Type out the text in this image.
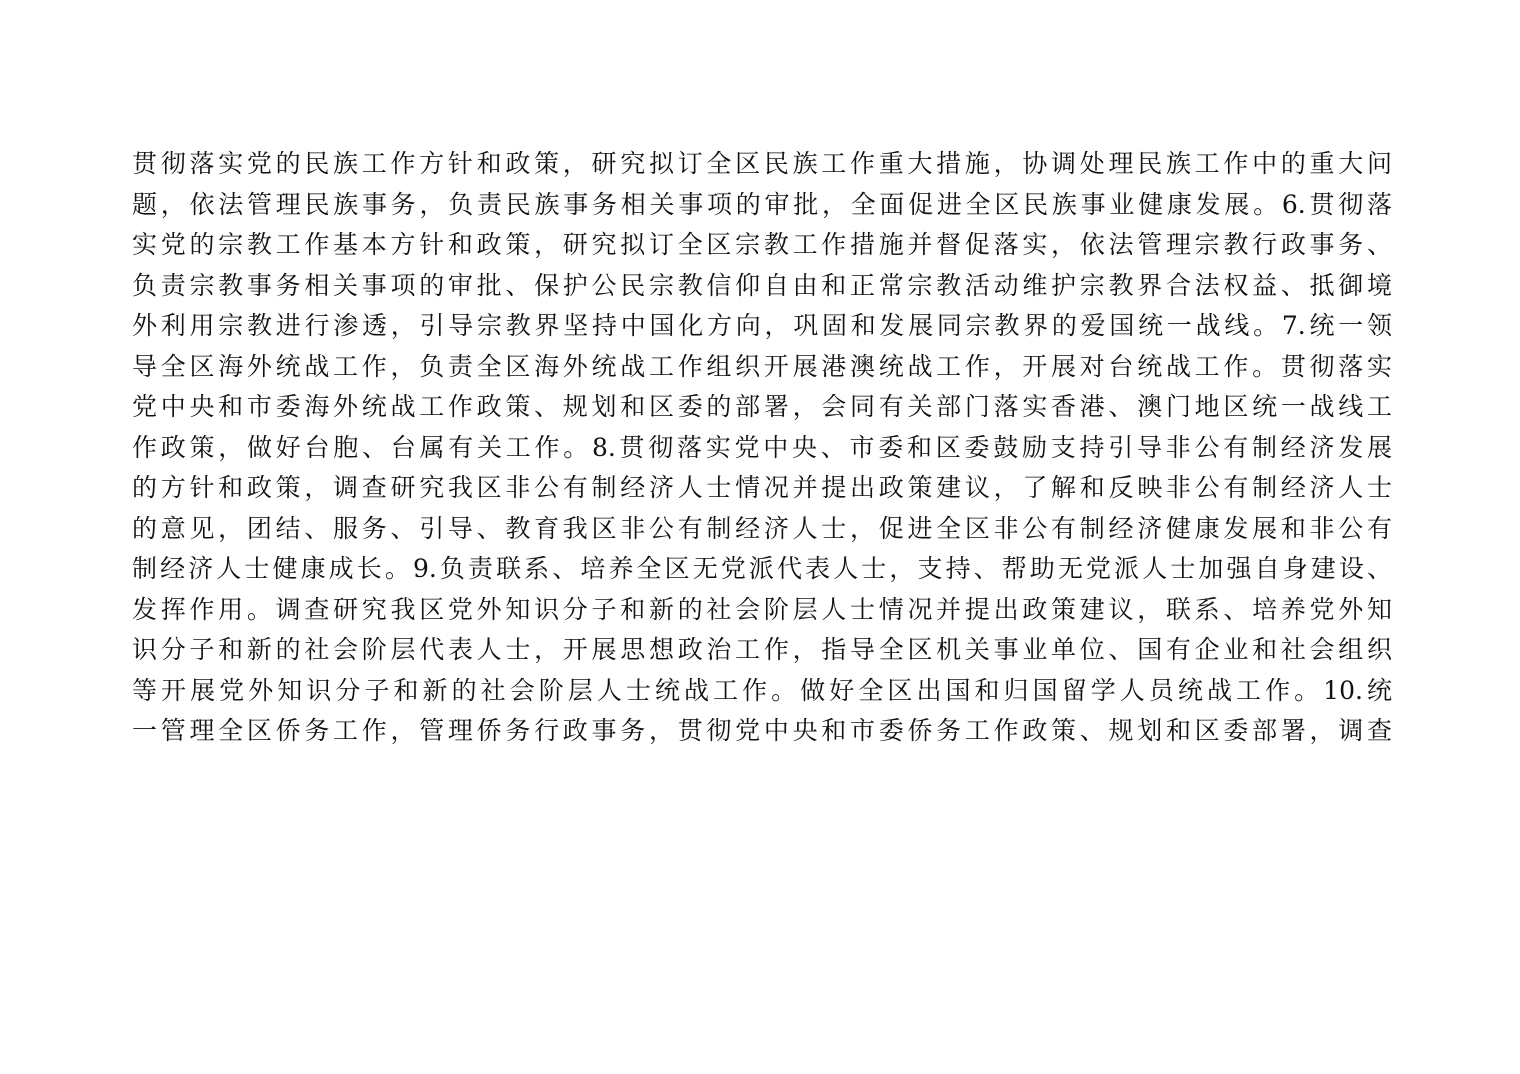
贯彻落实党的民族工作方针和政策，研究拟订全区民族工作重大措施，协调处理民族工作中的重大问
题，依法管理民族事务，负责民族事务相关事项的审批，全面促进全区民族事业健康发展。6.贯彻落
实党的宗教工作基本方针和政策，研究拟订全区宗教工作措施并督促落实，依法管理宗教行政事务、
负责宗教事务相关事项的审批、保护公民宗教信仰自由和正常宗教活动维护宗教界合法权益、抵御境
外利用宗教进行渗透，引导宗教界坚持中国化方向，巩固和发展同宗教界的爱国统一战线。7.统一领
导全区海外统战工作，负责全区海外统战工作组织开展港澳统战工作，开展对台统战工作。贯彻落实
党中央和市委海外统战工作政策、规划和区委的部署，会同有关部门落实香港、澳门地区统一战线工
作政策，做好台胞、台属有关工作。8.贯彻落实党中央、市委和区委鼓励支持引导非公有制经济发展
的方针和政策，调查研究我区非公有制经济人士情况并提出政策建议，了解和反映非公有制经济人士
的意见，团结、服务、引导、教育我区非公有制经济人士，促进全区非公有制经济健康发展和非公有
制经济人士健康成长。9.负责联系、培养全区无党派代表人士，支持、帮助无党派人士加强自身建设、
发挥作用。调查研究我区党外知识分子和新的社会阶层人士情况并提出政策建议，联系、培养党外知
识分子和新的社会阶层代表人士，开展思想政治工作，指导全区机关事业单位、国有企业和社会组织
等开展党外知识分子和新的社会阶层人士统战工作。做好全区出国和归国留学人员统战工作。10.统
一管理全区侨务工作，管理侨务行政事务，贯彻党中央和市委侨务工作政策、规划和区委部署，调查
